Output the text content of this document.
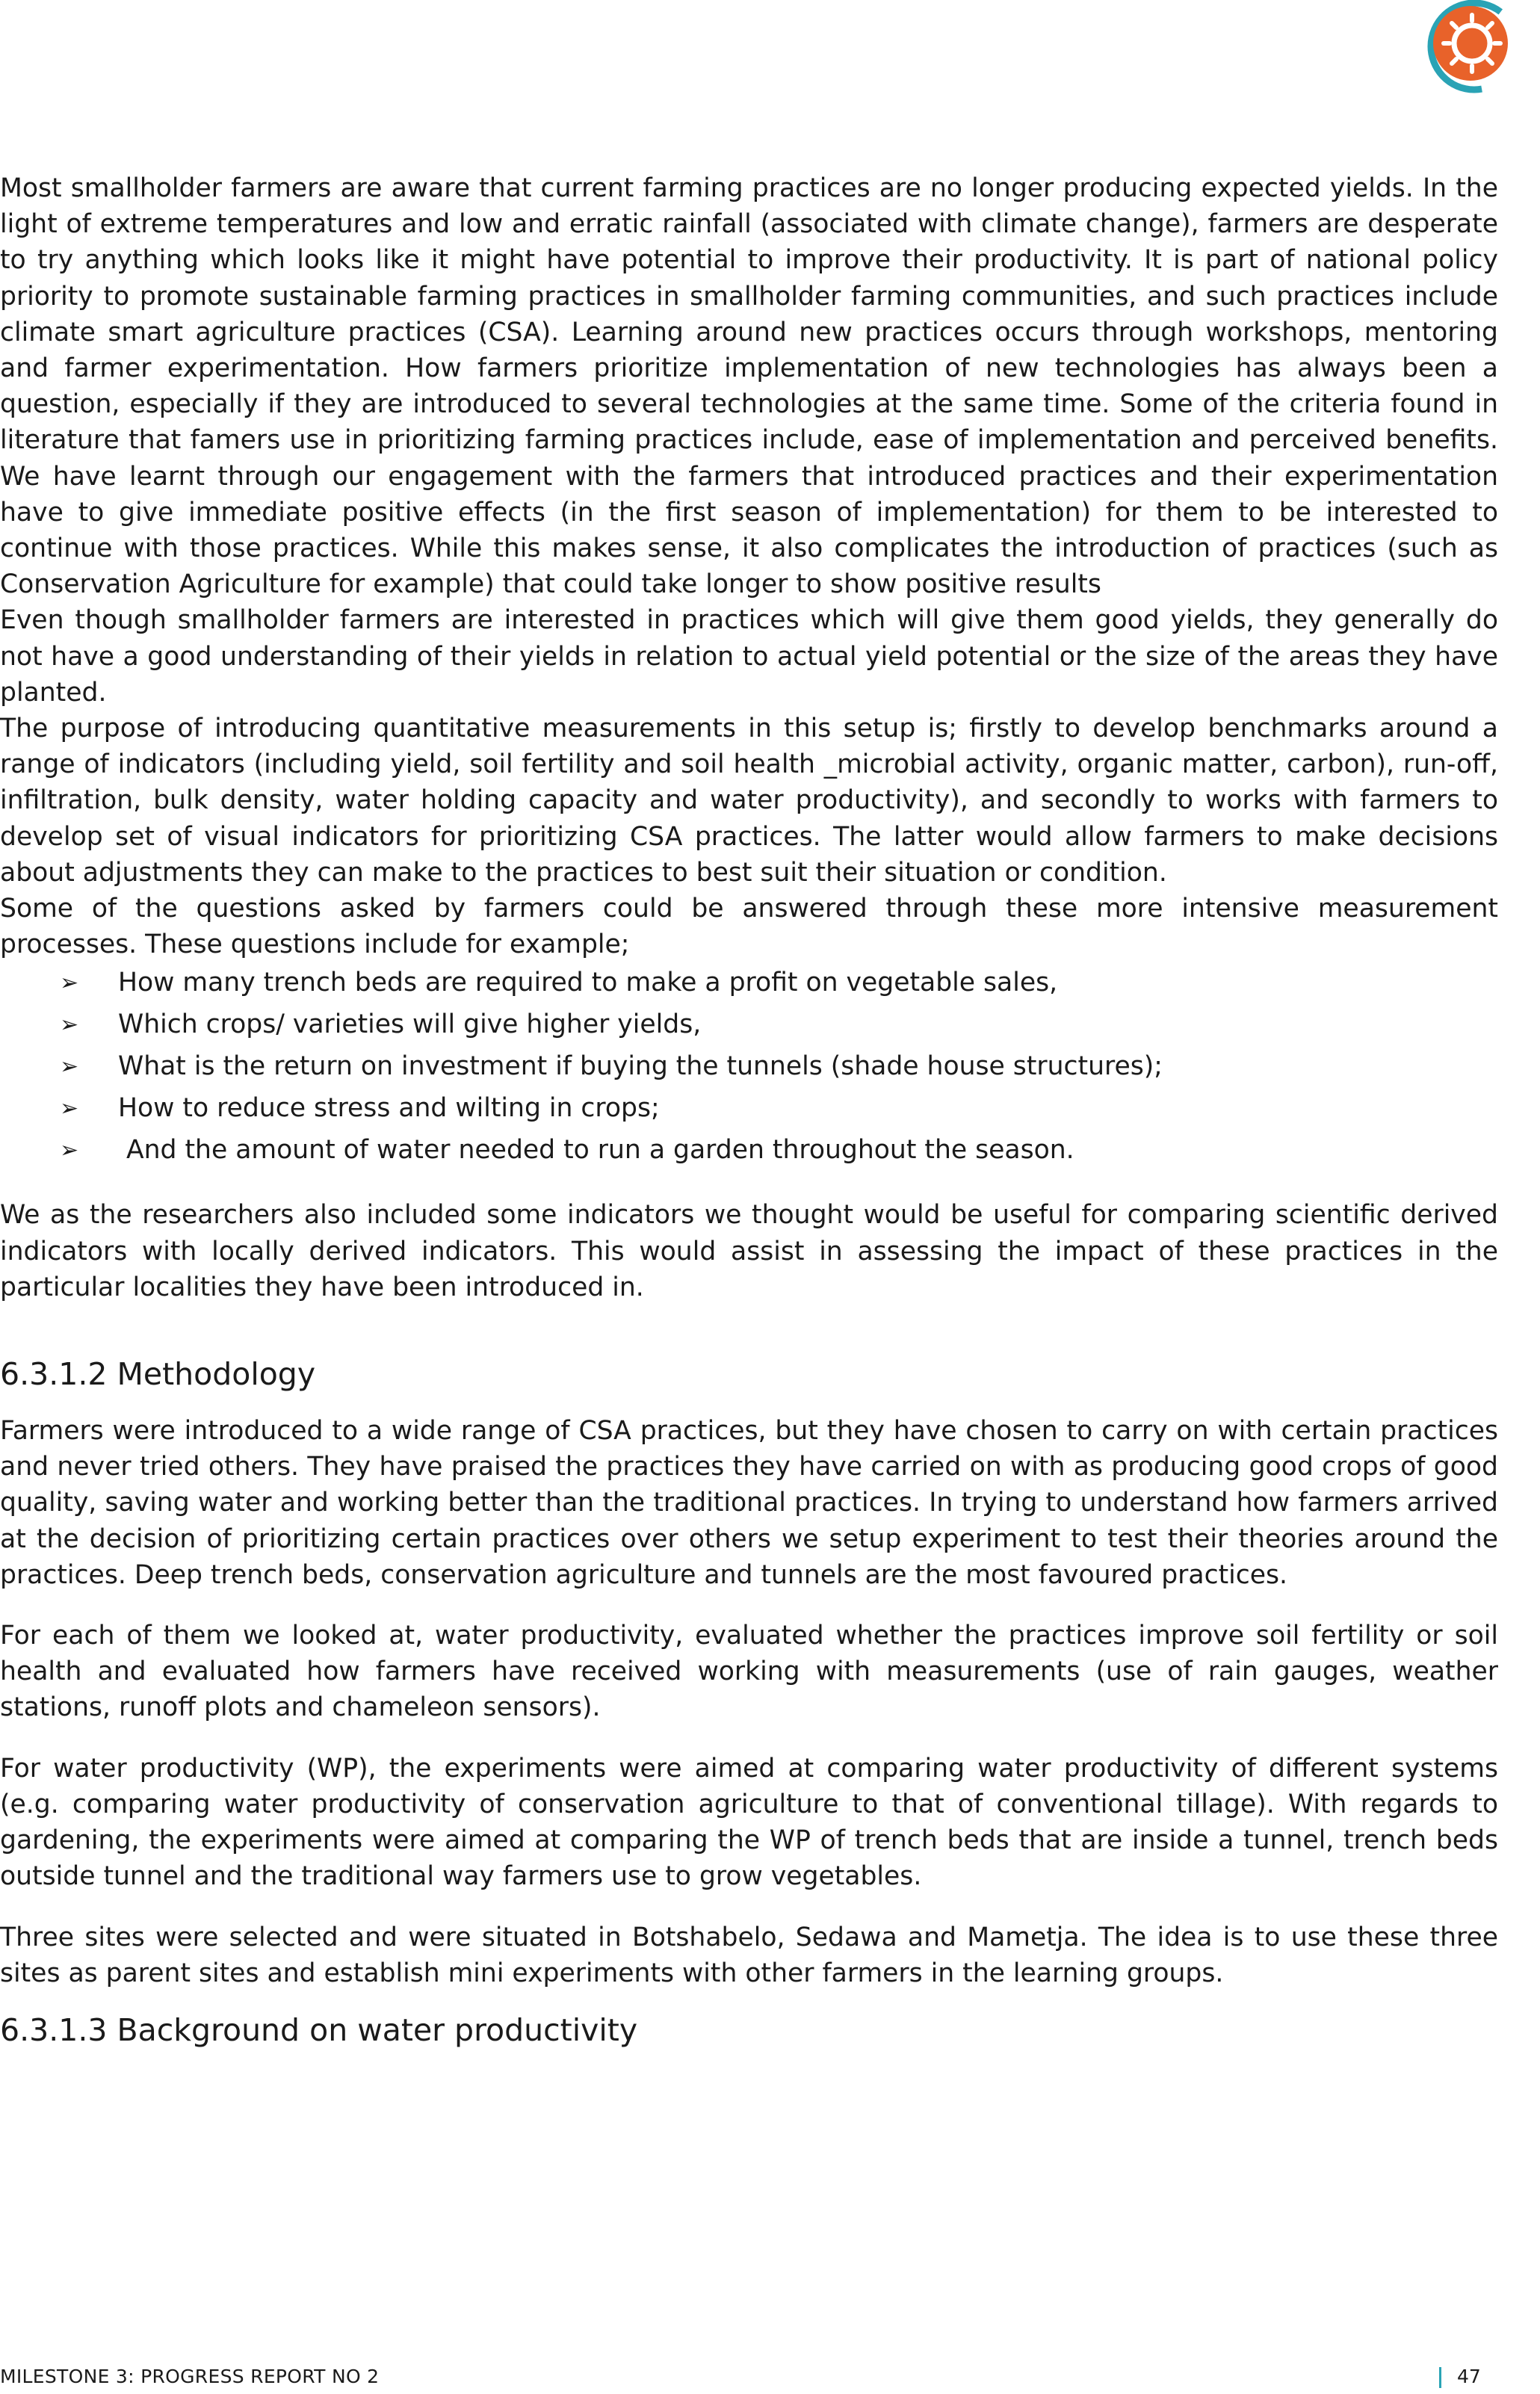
Most smallholder farmers are aware that current farming practices are no longer producing expected yields. In the light of extreme temperatures and low and erratic rainfall (associated with climate change), farmers are desperate to try anything which looks like it might have potential to improve their productivity. It is part of national policy priority to promote sustainable farming practices in smallholder farming communities, and such practices include climate smart agriculture practices (CSA). Learning around new practices occurs through workshops, mentoring and farmer experimentation. How farmers prioritize implementation of new technologies has always been a question, especially if they are introduced to several technologies at the same time. Some of the criteria found in literature that famers use in prioritizing farming practices include, ease of implementation and perceived benefits. We have learnt through our engagement with the farmers that introduced practices and their experimentation have to give immediate positive effects (in the first season of implementation) for them to be interested to continue with those practices. While this makes sense, it also complicates the introduction of practices (such as Conservation Agriculture for example) that could take longer to show positive results

Even though smallholder farmers are interested in practices which will give them good yields, they generally do not have a good understanding of their yields in relation to actual yield potential or the size of the areas they have planted.

The purpose of introducing quantitative measurements in this setup is; firstly to develop benchmarks around a range of indicators (including yield, soil fertility and soil health _microbial activity, organic matter, carbon), run-off, infiltration, bulk density, water holding capacity and water productivity), and secondly to works with farmers to develop set of visual indicators for prioritizing CSA practices. The latter would allow farmers to make decisions about adjustments they can make to the practices to best suit their situation or condition.

Some of the questions asked by farmers could be answered through these more intensive measurement processes. These questions include for example;

➢	How many trench beds are required to make a profit on vegetable sales,
➢	Which crops/ varieties will give higher yields,
➢	What is the return on investment if buying the tunnels (shade house structures);
➢	How to reduce stress and wilting in crops;
➢	And the amount of water needed to run a garden throughout the season.

We as the researchers also included some indicators we thought would be useful for comparing scientific derived indicators with locally derived indicators. This would assist in assessing the impact of these practices in the particular localities they have been introduced in.

6.3.1.2 Methodology

Farmers were introduced to a wide range of CSA practices, but they have chosen to carry on with certain practices and never tried others. They have praised the practices they have carried on with as producing good crops of good quality, saving water and working better than the traditional practices. In trying to understand how farmers arrived at the decision of prioritizing certain practices over others we setup experiment to test their theories around the practices. Deep trench beds, conservation agriculture and tunnels are the most favoured practices.

For each of them we looked at, water productivity, evaluated whether the practices improve soil fertility or soil health and evaluated how farmers have received working with measurements (use of rain gauges, weather stations, runoff plots and chameleon sensors).

For water productivity (WP), the experiments were aimed at comparing water productivity of different systems (e.g. comparing water productivity of conservation agriculture to that of conventional tillage). With regards to gardening, the experiments were aimed at comparing the WP of trench beds that are inside a tunnel, trench beds outside tunnel and the traditional way farmers use to grow vegetables.

Three sites were selected and were situated in Botshabelo, Sedawa and Mametja. The idea is to use these three sites as parent sites and establish mini experiments with other farmers in the learning groups.

6.3.1.3 Background on water productivity
MILESTONE 3: PROGRESS REPORT NO 2	47
